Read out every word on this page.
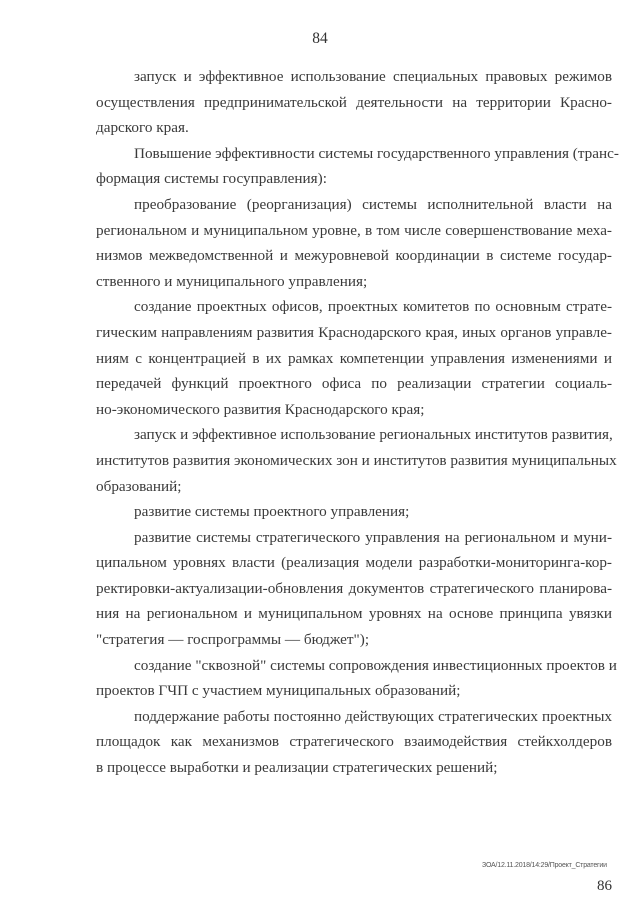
84

запуск и эффективное использование специальных правовых режимов
осуществления предпринимательской деятельности на территории Красно-
дарского края.

Повышение эффективности системы государственного управления (транс-
формация системы госуправления):

преобразование (реорганизация) системы исполнительной власти на
региональном и муниципальном уровне, в том числе совершенствование меха-
низмов межведомственной и межуровневой координации в системе государ-
ственного и муниципального управления;

создание проектных офисов, проектных комитетов по основным страте-
гическим направлениям развития Краснодарского края, иных органов управле-
ниям с концентрацией в их рамках компетенции управления изменениями и
передачей функций проектного офиса по реализации стратегии социаль-
но-экономического развития Краснодарского края;

запуск и эффективное использование региональных институтов развития,
институтов развития экономических зон и институтов развития муниципальных
образований;

развитие системы проектного управления;

развитие системы стратегического управления на региональном и муни-
ципальном уровнях власти (реализация модели разработки-мониторинга-кор-
ректировки-актуализации-обновления документов стратегического планирова-
ния на региональном и муниципальном уровнях на основе принципа увязки
"стратегия — госпрограммы — бюджет");

создание "сквозной" системы сопровождения инвестиционных проектов и
проектов ГЧП с участием муниципальных образований;

поддержание работы постоянно действующих стратегических проектных
площадок как механизмов стратегического взаимодействия стейкхолдеров
в процессе выработки и реализации стратегических решений;

ЗОА/12.11.2018/14:29/Проект_Стратегии
86
